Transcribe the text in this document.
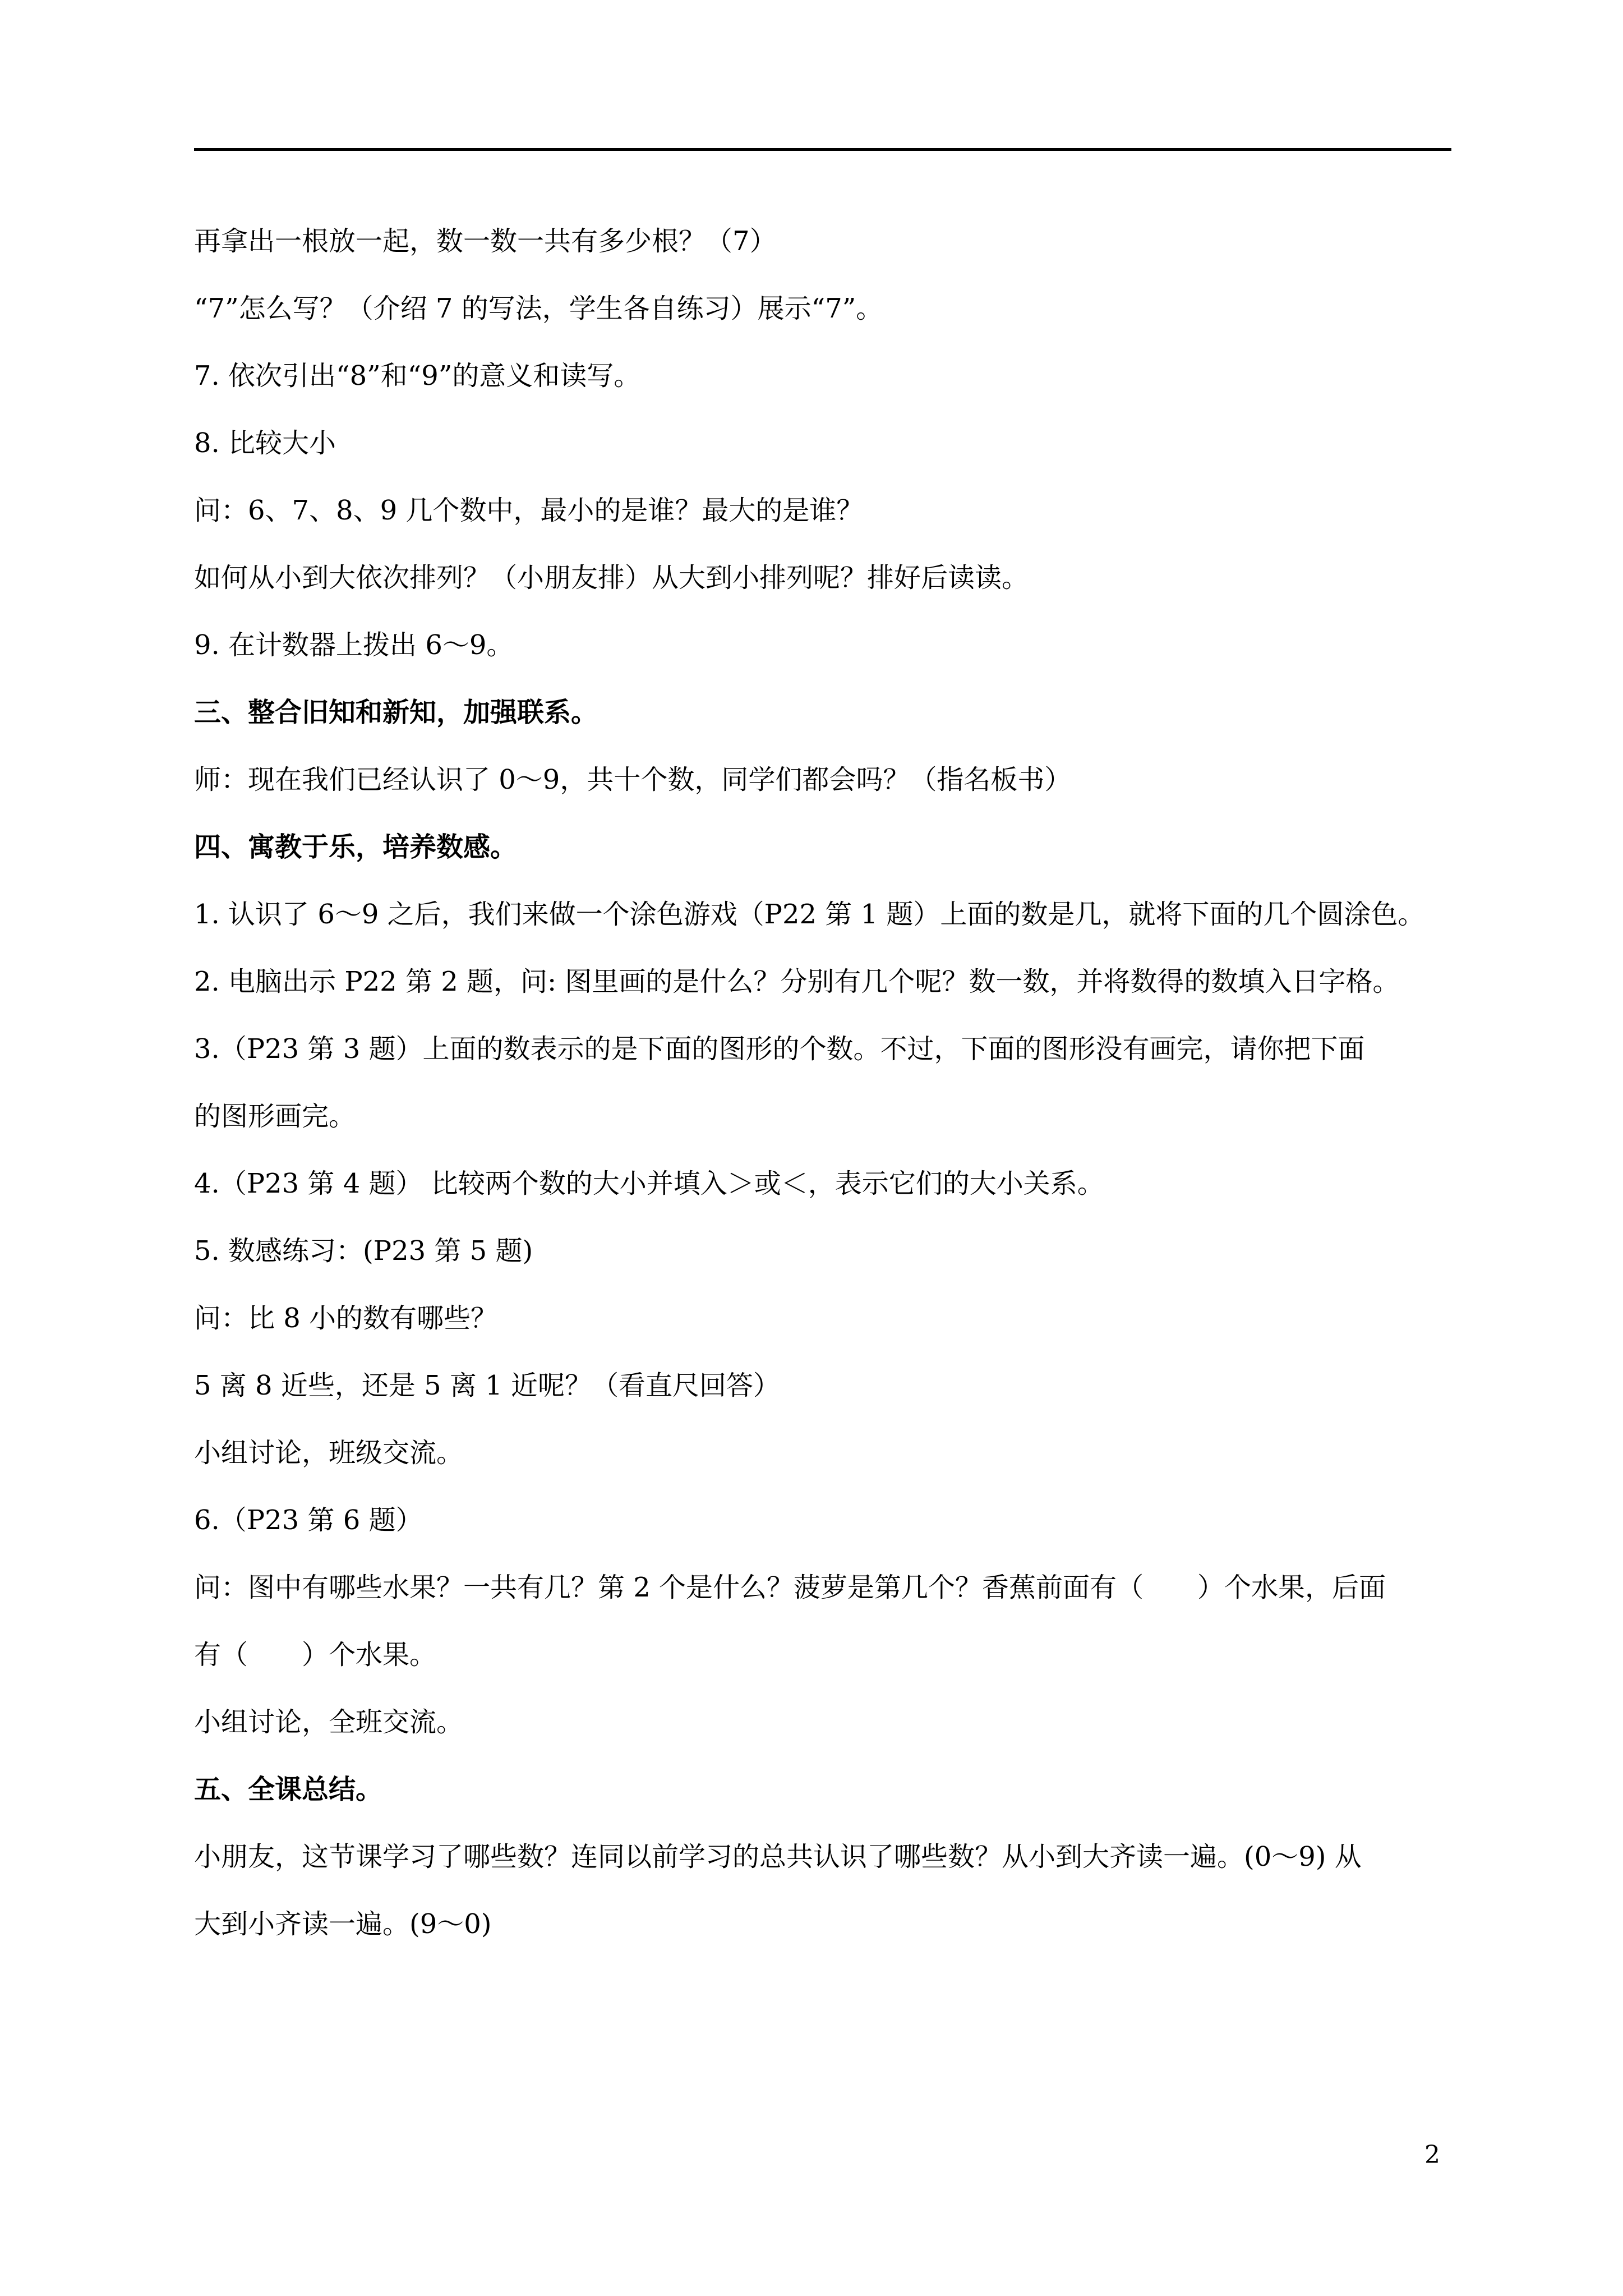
再拿出一根放一起，数一数一共有多少根？（7）
“7”怎么写？（介绍 7 的写法，学生各自练习）展示“7”。
7. 依次引出“8”和“9”的意义和读写。
8. 比较大小
问：6、7、8、9 几个数中，最小的是谁？最大的是谁？
如何从小到大依次排列？（小朋友排）从大到小排列呢？排好后读读。
9. 在计数器上拨出 6～9。
三、整合旧知和新知，加强联系。
师：现在我们已经认识了 0～9，共十个数，同学们都会吗？（指名板书）
四、寓教于乐，培养数感。
1. 认识了 6～9 之后，我们来做一个涂色游戏（P22 第 1 题）上面的数是几，就将下面的几个圆涂色。
2. 电脑出示 P22 第 2 题，问: 图里画的是什么？分别有几个呢？数一数，并将数得的数填入日字格。
3.（P23 第 3 题）上面的数表示的是下面的图形的个数。不过，下面的图形没有画完，请你把下面
的图形画完。
4.（P23 第 4 题） 比较两个数的大小并填入＞或＜，表示它们的大小关系。
5. 数感练习：(P23 第 5 题)
问：比 8 小的数有哪些？
5 离 8 近些，还是 5 离 1 近呢？（看直尺回答）
小组讨论，班级交流。
6.（P23 第 6 题）
问：图中有哪些水果？一共有几？第 2 个是什么？菠萝是第几个？香蕉前面有（　　）个水果，后面
有（　　）个水果。
小组讨论，全班交流。
五、全课总结。
小朋友，这节课学习了哪些数？连同以前学习的总共认识了哪些数？从小到大齐读一遍。(0～9) 从
大到小齐读一遍。(9～0)
2
